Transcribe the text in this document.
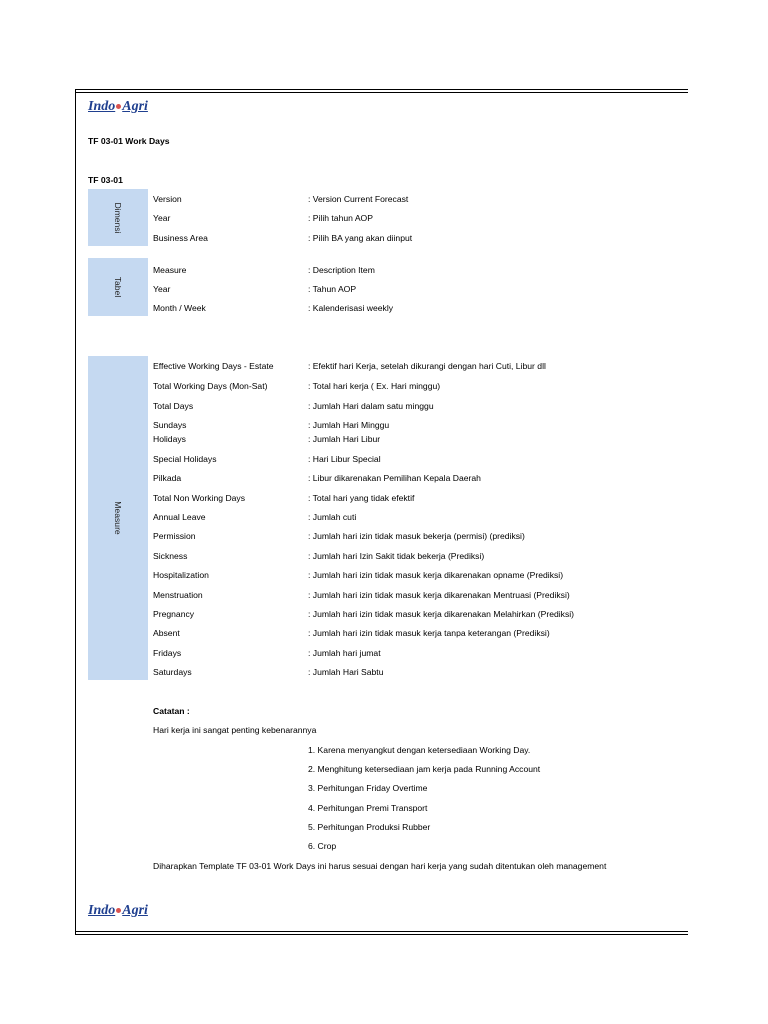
Indo Agri
TF 03-01 Work Days
TF 03-01
Dimensi
Version	: Version Current Forecast
Year	: Pilih tahun AOP
Business Area	: Pilih BA yang akan diinput
Tabel
Measure	: Description Item
Year	: Tahun AOP
Month / Week	: Kalenderisasi weekly
Measure
Effective Working Days - Estate	: Efektif hari Kerja, setelah dikurangi dengan hari Cuti, Libur dll
Total Working Days (Mon-Sat)	: Total hari kerja ( Ex. Hari minggu)
Total Days	: Jumlah Hari dalam satu minggu
Sundays	: Jumlah Hari Minggu
Holidays	: Jumlah Hari Libur
Special Holidays	: Hari Libur Special
Pilkada	: Libur dikarenakan Pemilihan Kepala Daerah
Total Non Working Days	: Total hari yang tidak efektif
Annual Leave	: Jumlah cuti
Permission	: Jumlah hari izin tidak masuk bekerja (permisi) (prediksi)
Sickness	: Jumlah hari Izin Sakit tidak bekerja (Prediksi)
Hospitalization	: Jumlah hari izin tidak masuk kerja dikarenakan opname (Prediksi)
Menstruation	: Jumlah hari izin tidak masuk kerja dikarenakan Mentruasi (Prediksi)
Pregnancy	: Jumlah hari izin tidak masuk kerja dikarenakan Melahirkan (Prediksi)
Absent	: Jumlah hari izin tidak masuk kerja tanpa keterangan (Prediksi)
Fridays	: Jumlah hari jumat
Saturdays	: Jumlah Hari Sabtu
Catatan :
Hari kerja ini sangat penting kebenarannya
1. Karena menyangkut dengan ketersediaan Working Day.
2. Menghitung ketersediaan jam kerja pada Running Account
3. Perhitungan Friday Overtime
4. Perhitungan Premi Transport
5. Perhitungan Produksi Rubber
6. Crop
Diharapkan Template TF 03-01 Work Days ini harus sesuai dengan hari kerja yang sudah ditentukan oleh management
Indo Agri
